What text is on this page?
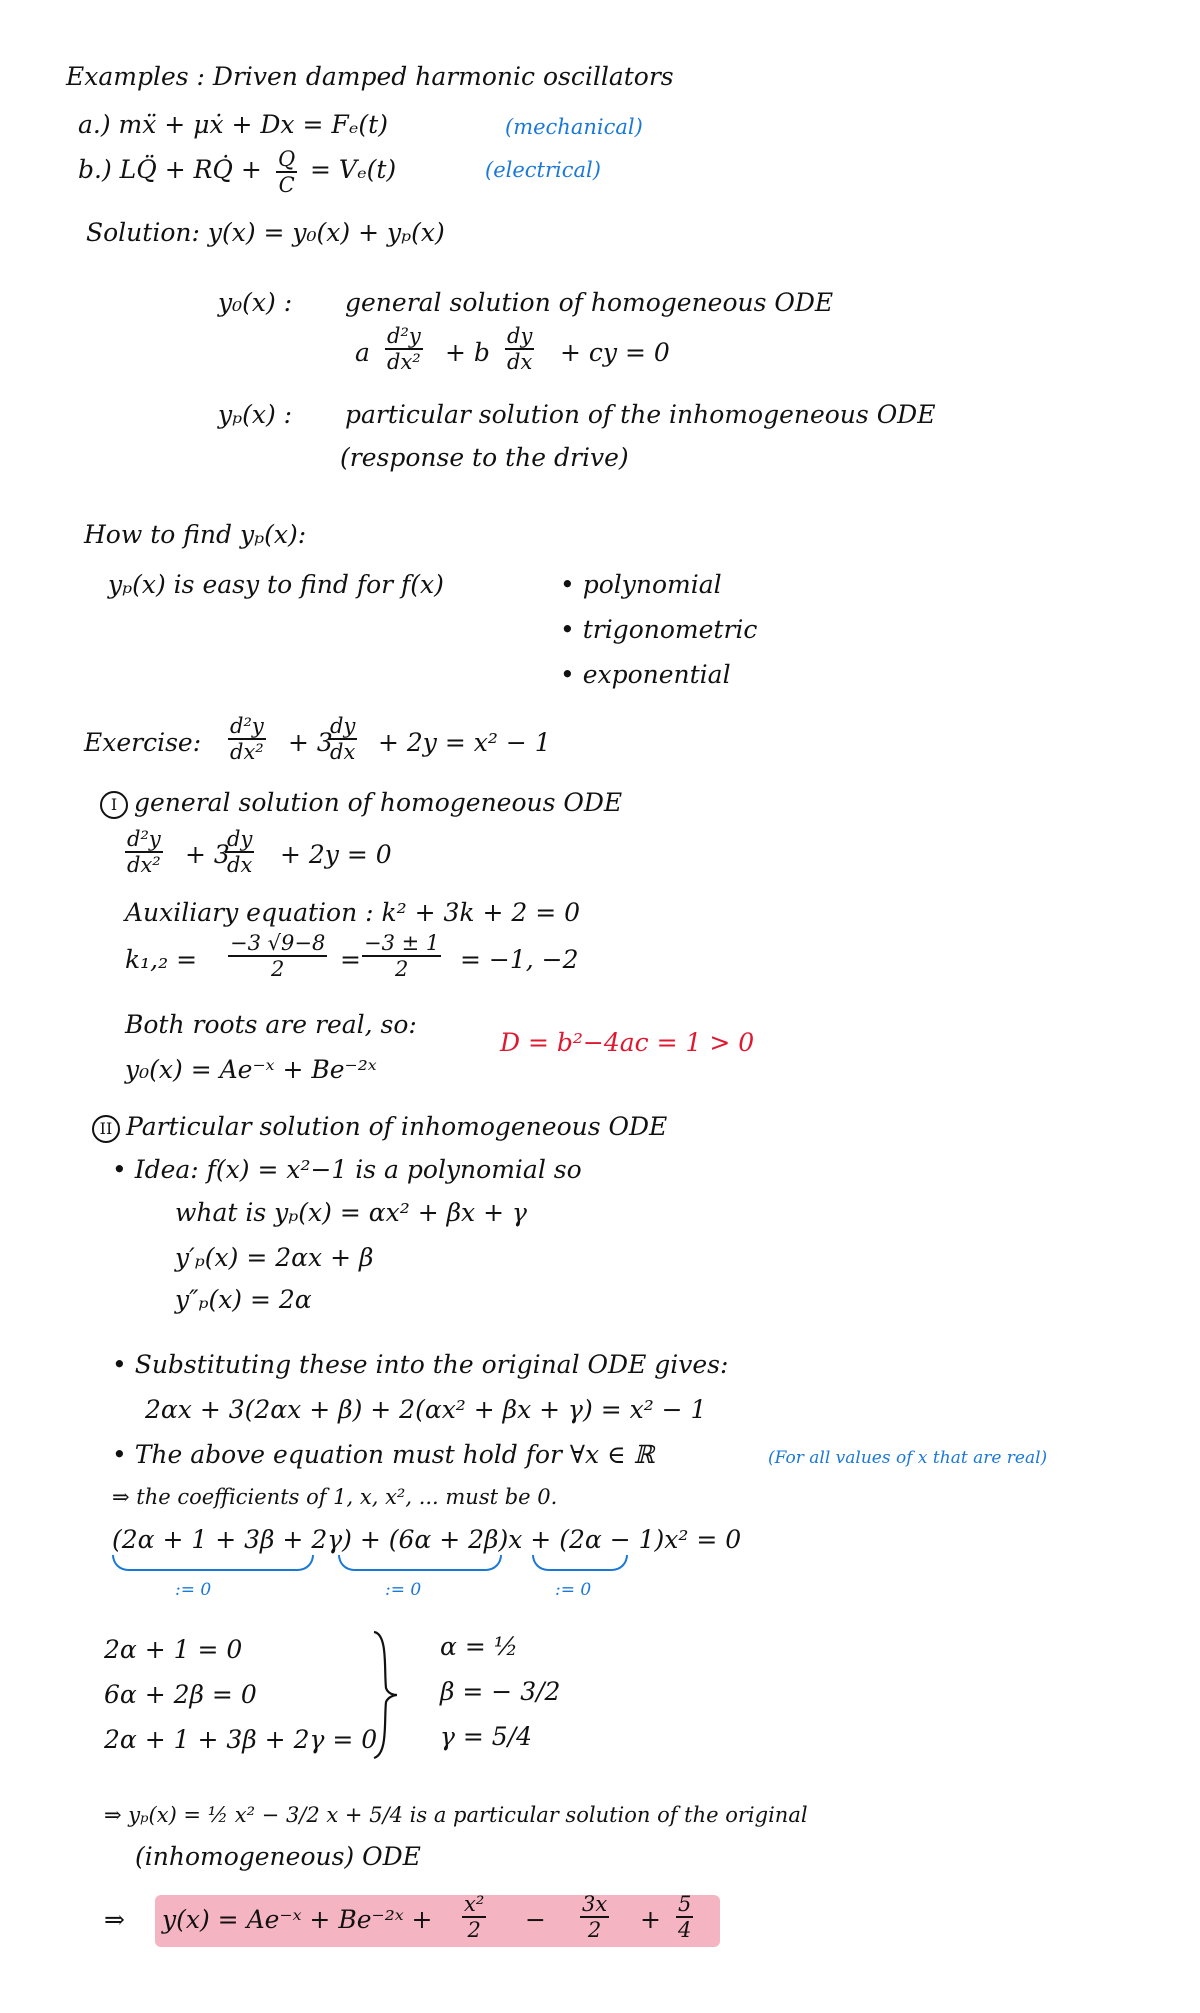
Examples : Driven damped harmonic oscillators
a.) mẍ + μẋ + Dx = Fₑ(t)	(mechanical)
b.) LQ̈ + RQ̇ + Q
C
= Vₑ(t)	(electrical)
Solution: y(x) = y₀(x) + yₚ(x)
y₀(x) : general solution of homogeneous ODE
a
d²y
dx² + b
dy
dx + cy = 0
yₚ(x) : particular solution of the inhomogeneous ODE
(response to the drive)
How to find yₚ(x):
yₚ(x) is easy to find for f(x)	• polynomial
• trigonometric
• exponential
Exercise:
d²y
dx² + 3
dy
dx + 2y = x² − 1
I general solution of homogeneous ODE
d²y
dx² + 3
dy
dx + 2y = 0
Auxiliary equation : k² + 3k + 2 = 0
k₁,₂ =
−3 √9−8
2 =
−3 ± 1
2 = −1, −2
Both roots are real, so:
D = b²−4ac = 1 > 0
y₀(x) = Ae⁻ˣ + Be⁻²ˣ
II Particular solution of inhomogeneous ODE
• Idea: f(x) = x²−1 is a polynomial so
what is yₚ(x) = αx² + βx + γ
y′ₚ(x) = 2αx + β
y″ₚ(x) = 2α
• Substituting these into the original ODE gives:
2αx + 3(2αx + β) + 2(αx² + βx + γ) = x² − 1
• The above equation must hold for ∀x ∈ ℝ	(For all values of x that are real)
⇒ the coefficients of 1, x, x², ... must be 0.
(2α + 1 + 3β + 2γ) + (6α + 2β)x + (2α − 1)x² = 0
:= 0	:= 0	:= 0
2α + 1 = 0
6α + 2β = 0
2α + 1 + 3β + 2γ = 0
α = ½
β = − 3/2
γ = 5/4
⇒ yₚ(x) = ½ x² − 3/2 x + 5/4 is a particular solution of the original
(inhomogeneous) ODE
⇒ y(x) = Ae⁻ˣ + Be⁻²ˣ +
x²
2 −
3x
2 +
5
4
